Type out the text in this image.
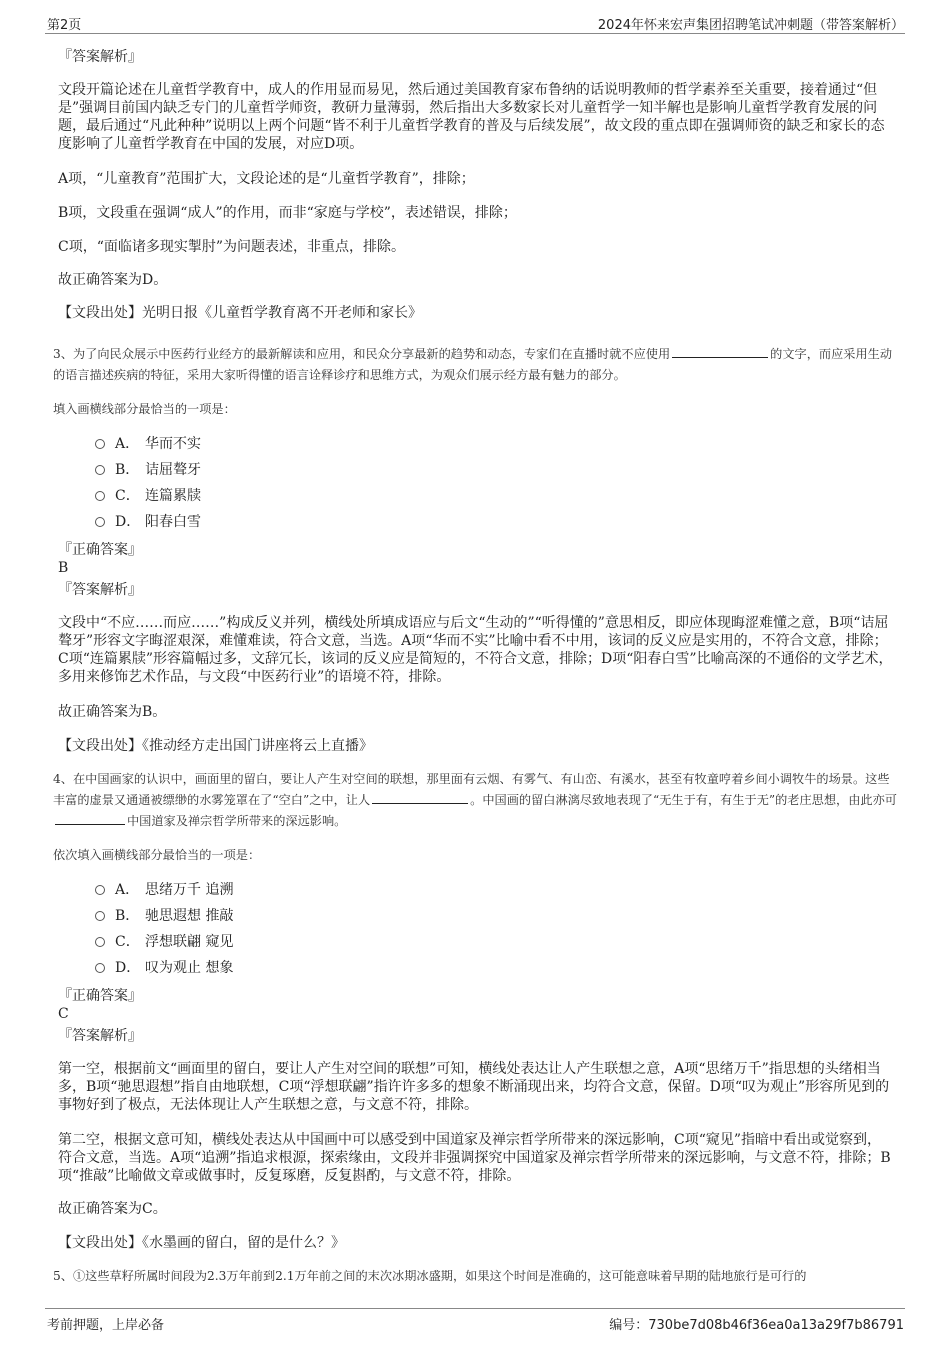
第2页	2024年怀来宏声集团招聘笔试冲刺题（带答案解析）
『答案解析』
文段开篇论述在儿童哲学教育中，成人的作用显而易见，然后通过美国教育家布鲁纳的话说明教师的哲学素养至关重要，接着通过“但是”强调目前国内缺乏专门的儿童哲学师资，教研力量薄弱，然后指出大多数家长对儿童哲学一知半解也是影响儿童哲学教育发展的问题，最后通过“凡此种种”说明以上两个问题“皆不利于儿童哲学教育的普及与后续发展”，故文段的重点即在强调师资的缺乏和家长的态度影响了儿童哲学教育在中国的发展，对应D项。
A项，“儿童教育”范围扩大，文段论述的是“儿童哲学教育”，排除；
B项，文段重在强调“成人”的作用，而非“家庭与学校”，表述错误，排除；
C项，“面临诸多现实掣肘”为问题表述，非重点，排除。
故正确答案为D。
【文段出处】光明日报《儿童哲学教育离不开老师和家长》
3、为了向民众展示中医药行业经方的最新解读和应用，和民众分享最新的趋势和动态，专家们在直播时就不应使用	的文字，而应采用生动的语言描述疾病的特征，采用大家听得懂的语言诠释诊疗和思维方式，为观众们展示经方最有魅力的部分。
填入画横线部分最恰当的一项是：
A． 华而不实
B． 诘屈聱牙
C． 连篇累牍
D． 阳春白雪
『正确答案』
B
『答案解析』
文段中“不应……而应……”构成反义并列，横线处所填成语应与后文“生动的”“听得懂的”意思相反，即应体现晦涩难懂之意，B项“诘屈聱牙”形容文字晦涩艰深，难懂难读，符合文意，当选。A项“华而不实”比喻中看不中用，该词的反义应是实用的，不符合文意，排除；C项“连篇累牍”形容篇幅过多，文辞冗长，该词的反义应是简短的，不符合文意，排除；D项“阳春白雪”比喻高深的不通俗的文学艺术，多用来修饰艺术作品，与文段“中医药行业”的语境不符，排除。
故正确答案为B。
【文段出处】《推动经方走出国门讲座将云上直播》
4、在中国画家的认识中，画面里的留白，要让人产生对空间的联想，那里面有云烟、有雾气、有山峦、有溪水，甚至有牧童哼着乡间小调牧牛的场景。这些丰富的虚景又通通被缥缈的水雾笼罩在了“空白”之中，让人	。中国画的留白淋漓尽致地表现了“无生于有，有生于无”的老庄思想，由此亦可中国道家及禅宗哲学所带来的深远影响。
依次填入画横线部分最恰当的一项是：
A． 思绪万千 追溯
B． 驰思遐想 推敲
C． 浮想联翩 窥见
D． 叹为观止 想象
『正确答案』
C
『答案解析』
第一空，根据前文“画面里的留白，要让人产生对空间的联想”可知，横线处表达让人产生联想之意，A项“思绪万千”指思想的头绪相当多，B项“驰思遐想”指自由地联想，C项“浮想联翩”指许许多多的想象不断涌现出来，均符合文意，保留。D项“叹为观止”形容所见到的事物好到了极点，无法体现让人产生联想之意，与文意不符，排除。
第二空，根据文意可知，横线处表达从中国画中可以感受到中国道家及禅宗哲学所带来的深远影响，C项“窥见”指暗中看出或觉察到，符合文意，当选。A项“追溯”指追求根源，探索缘由，文段并非强调探究中国道家及禅宗哲学所带来的深远影响，与文意不符，排除；B项“推敲”比喻做文章或做事时，反复琢磨，反复斟酌，与文意不符，排除。
故正确答案为C。
【文段出处】《水墨画的留白，留的是什么？》
5、①这些草籽所属时间段为2.3万年前到2.1万年前之间的末次冰期冰盛期，如果这个时间是准确的，这可能意味着早期的陆地旅行是可行的
考前押题，上岸必备	编号：730be7d08b46f36ea0a13a29f7b86791
